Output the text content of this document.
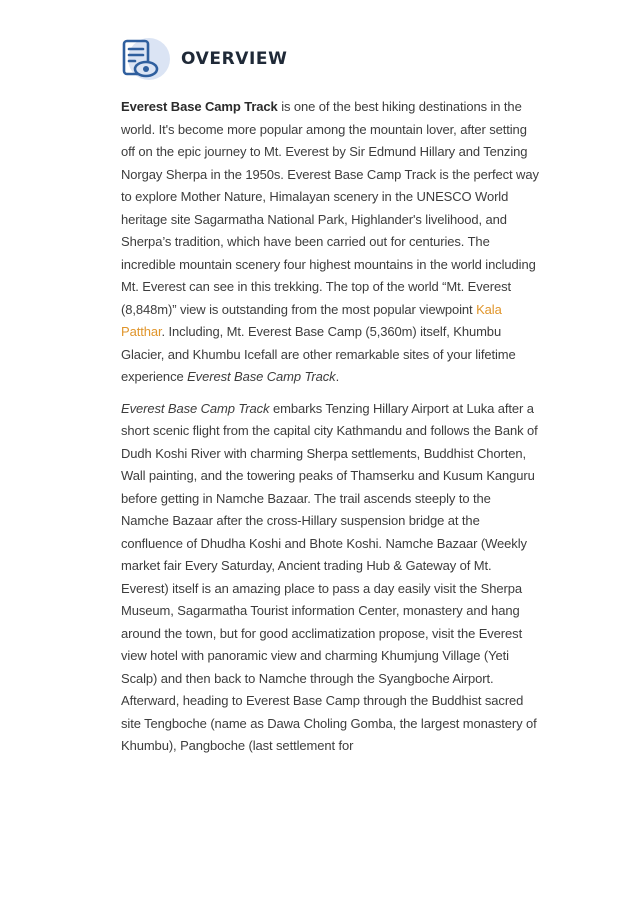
OVERVIEW

Everest Base Camp Track is one of the best hiking destinations in the world. It's become more popular among the mountain lover, after setting off on the epic journey to Mt. Everest by Sir Edmund Hillary and Tenzing Norgay Sherpa in the 1950s. Everest Base Camp Track is the perfect way to explore Mother Nature, Himalayan scenery in the UNESCO World heritage site Sagarmatha National Park, Highlander's livelihood, and Sherpa’s tradition, which have been carried out for centuries. The incredible mountain scenery four highest mountains in the world including Mt. Everest can see in this trekking. The top of the world “Mt. Everest (8,848m)” view is outstanding from the most popular viewpoint Kala Patthar. Including, Mt. Everest Base Camp (5,360m) itself, Khumbu Glacier, and Khumbu Icefall are other remarkable sites of your lifetime experience Everest Base Camp Track.

Everest Base Camp Track embarks Tenzing Hillary Airport at Luka after a short scenic flight from the capital city Kathmandu and follows the Bank of Dudh Koshi River with charming Sherpa settlements, Buddhist Chorten, Wall painting, and the towering peaks of Thamserku and Kusum Kanguru before getting in Namche Bazaar. The trail ascends steeply to the Namche Bazaar after the cross-Hillary suspension bridge at the confluence of Dhudha Koshi and Bhote Koshi. Namche Bazaar (Weekly market fair Every Saturday, Ancient trading Hub & Gateway of Mt. Everest) itself is an amazing place to pass a day easily visit the Sherpa Museum, Sagarmatha Tourist information Center, monastery and hang around the town, but for good acclimatization propose, visit the Everest view hotel with panoramic view and charming Khumjung Village (Yeti Scalp) and then back to Namche through the Syangboche Airport. Afterward, heading to Everest Base Camp through the Buddhist sacred site Tengboche (name as Dawa Choling Gomba, the largest monastery of Khumbu), Pangboche (last settlement for
